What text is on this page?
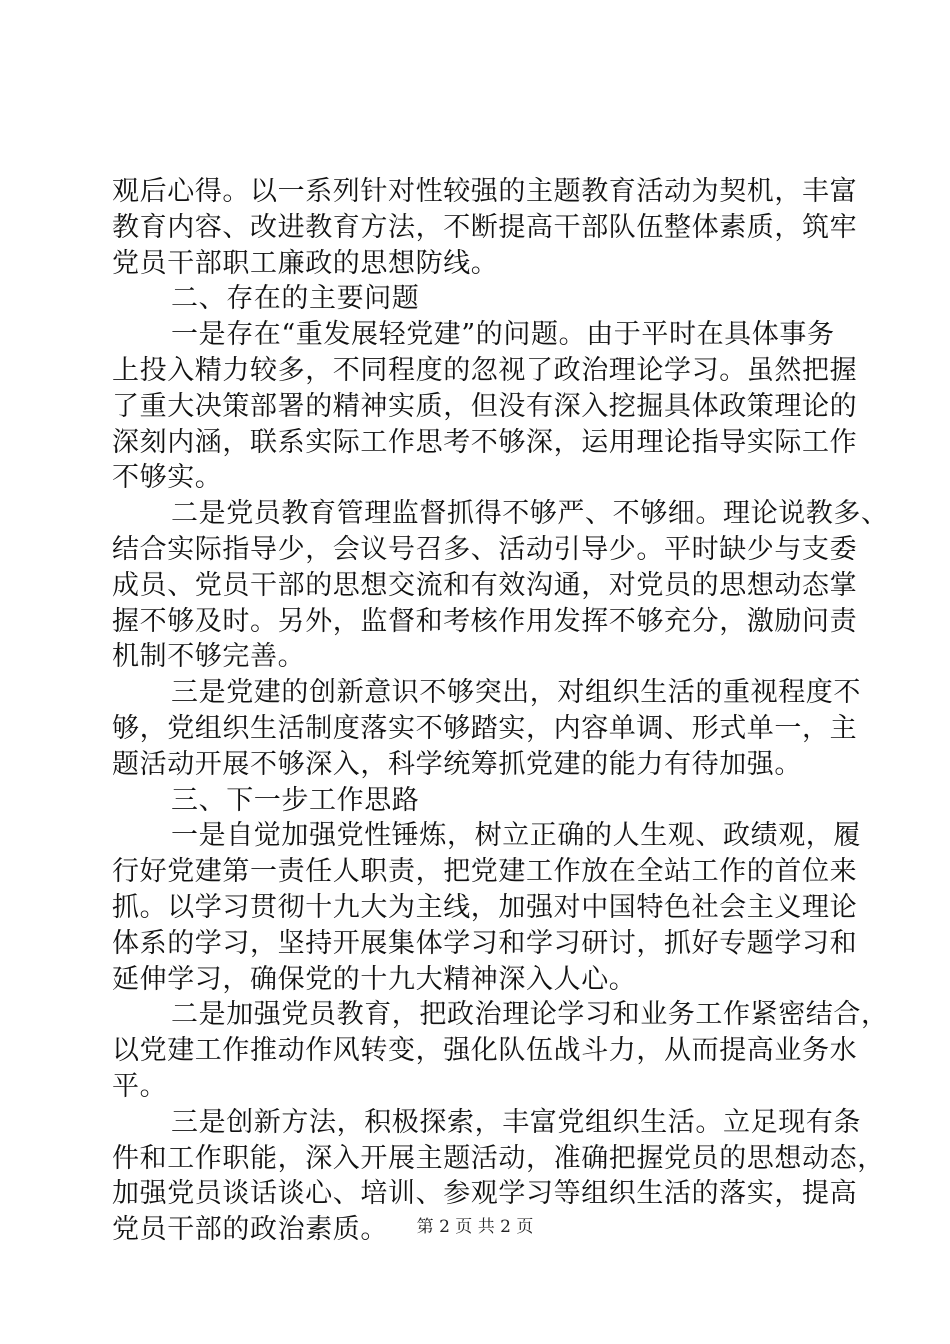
观后心得。以一系列针对性较强的主题教育活动为契机，丰富
教育内容、改进教育方法，不断提高干部队伍整体素质，筑牢
党员干部职工廉政的思想防线。
二、存在的主要问题
一是存在“重发展轻党建”的问题。由于平时在具体事务
上投入精力较多，不同程度的忽视了政治理论学习。虽然把握
了重大决策部署的精神实质，但没有深入挖掘具体政策理论的
深刻内涵，联系实际工作思考不够深，运用理论指导实际工作
不够实。
二是党员教育管理监督抓得不够严、不够细。理论说教多、
结合实际指导少，会议号召多、活动引导少。平时缺少与支委
成员、党员干部的思想交流和有效沟通，对党员的思想动态掌
握不够及时。另外，监督和考核作用发挥不够充分，激励问责
机制不够完善。
三是党建的创新意识不够突出，对组织生活的重视程度不
够，党组织生活制度落实不够踏实，内容单调、形式单一，主
题活动开展不够深入，科学统筹抓党建的能力有待加强。
三、下一步工作思路
一是自觉加强党性锤炼，树立正确的人生观、政绩观，履
行好党建第一责任人职责，把党建工作放在全站工作的首位来
抓。以学习贯彻十九大为主线，加强对中国特色社会主义理论
体系的学习，坚持开展集体学习和学习研讨，抓好专题学习和
延伸学习，确保党的十九大精神深入人心。
二是加强党员教育，把政治理论学习和业务工作紧密结合，
以党建工作推动作风转变，强化队伍战斗力，从而提高业务水
平。
三是创新方法，积极探索，丰富党组织生活。立足现有条
件和工作职能，深入开展主题活动，准确把握党员的思想动态，
加强党员谈话谈心、培训、参观学习等组织生活的落实，提高
党员干部的政治素质。	第 2 页 共 2 页
